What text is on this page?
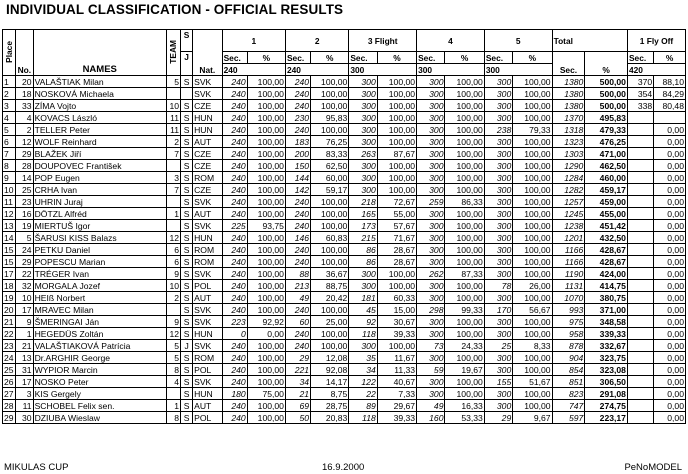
INDIVIDUAL CLASSIFICATION - OFFICIAL RESULTS
Place	No.	NAMES	TEAM	S	Nat.	1		2		3 Flight		4		5		Total		1 Fly Off	
				J		Sec.	%	Sec.	%	Sec.	%	Sec.	%	Sec.	%	Sec.	%	Sec.	%
						240		240		300		300		300				420	
1	20	VALAŠTIAK Milan	5	S	SVK	240	100,00	240	100,00	300	100,00	300	100,00	300	100,00	1380	500,00	370	88,10
2	18	NOSKOVÁ Michaela			SVK	240	100,00	240	100,00	300	100,00	300	100,00	300	100,00	1380	500,00	354	84,29
3	33	ZÍMA Vojto	10	S	CZE	240	100,00	240	100,00	300	100,00	300	100,00	300	100,00	1380	500,00	338	80,48
4	4	KOVACS László	11	S	HUN	240	100,00	230	95,83	300	100,00	300	100,00	300	100,00	1370	495,83		
5	2	TELLER Peter	11	S	HUN	240	100,00	240	100,00	300	100,00	300	100,00	238	79,33	1318	479,33		0,00
6	12	WOLF Reinhard	2	S	AUT	240	100,00	183	76,25	300	100,00	300	100,00	300	100,00	1323	476,25		0,00
7	29	BLAŽEK Jiří	7	S	CZE	240	100,00	200	83,33	263	87,67	300	100,00	300	100,00	1303	471,00		0,00
8	28	DOUPOVEC František		S	CZE	240	100,00	150	62,50	300	100,00	300	100,00	300	100,00	1290	462,50		0,00
9	14	POP Eugen	3	S	ROM	240	100,00	144	60,00	300	100,00	300	100,00	300	100,00	1284	460,00		0,00
10	25	CRHA Ivan	7	S	CZE	240	100,00	142	59,17	300	100,00	300	100,00	300	100,00	1282	459,17		0,00
11	23	UHRIN Juraj		S	SVK	240	100,00	240	100,00	218	72,67	259	86,33	300	100,00	1257	459,00		0,00
12	16	DÖTZL Alfréd	1	S	AUT	240	100,00	240	100,00	165	55,00	300	100,00	300	100,00	1245	455,00		0,00
13	19	MIERTUŠ Igor		S	SVK	225	93,75	240	100,00	173	57,67	300	100,00	300	100,00	1238	451,42		0,00
14	5	ŠARUSI KISS Balazs	12	S	HUN	240	100,00	146	60,83	215	71,67	300	100,00	300	100,00	1201	432,50		0,00
15	24	PETKU Daniel	6	S	ROM	240	100,00	240	100,00	86	28,67	300	100,00	300	100,00	1166	428,67		0,00
15	29	POPESCU Marian	6	S	ROM	240	100,00	240	100,00	86	28,67	300	100,00	300	100,00	1166	428,67		0,00
17	22	TRÉGER Ivan	9	S	SVK	240	100,00	88	36,67	300	100,00	262	87,33	300	100,00	1190	424,00		0,00
18	32	MORGALA Jozef	10	S	POL	240	100,00	213	88,75	300	100,00	300	100,00	78	26,00	1131	414,75		0,00
19	10	HEIß Norbert	2	S	AUT	240	100,00	49	20,42	181	60,33	300	100,00	300	100,00	1070	380,75		0,00
20	17	MRAVEC Milan		S	SVK	240	100,00	240	100,00	45	15,00	298	99,33	170	56,67	993	371,00		0,00
21	9	ŠMERINGAI Ján	9	S	SVK	223	92,92	60	25,00	92	30,67	300	100,00	300	100,00	975	348,58		0,00
22	1	HEGEDÜS Zoltán	12	S	HUN	0	0,00	240	100,00	118	39,33	300	100,00	300	100,00	958	339,33		0,00
23	21	VALAŠTIAKOVÁ Patrícia	5	J	SVK	240	100,00	240	100,00	300	100,00	73	24,33	25	8,33	878	332,67		0,00
24	13	Dr.ARGHIR George	5	S	ROM	240	100,00	29	12,08	35	11,67	300	100,00	300	100,00	904	323,75		0,00
25	31	WYPIOR Marcin	8	S	POL	240	100,00	221	92,08	34	11,33	59	19,67	300	100,00	854	323,08		0,00
26	17	NOSKO Peter	4	S	SVK	240	100,00	34	14,17	122	40,67	300	100,00	155	51,67	851	306,50		0,00
27	3	KIS Gergely		S	HUN	180	75,00	21	8,75	22	7,33	300	100,00	300	100,00	823	291,08		0,00
28	11	SCHOBEL Felix sen.	1	S	AUT	240	100,00	69	28,75	89	29,67	49	16,33	300	100,00	747	274,75		0,00
29	30	DZIUBA Wieslaw	8	S	POL	240	100,00	50	20,83	118	39,33	160	53,33	29	9,67	597	223,17		0,00
MIKULAS CUP	16.9.2000	PeNoMODEL
